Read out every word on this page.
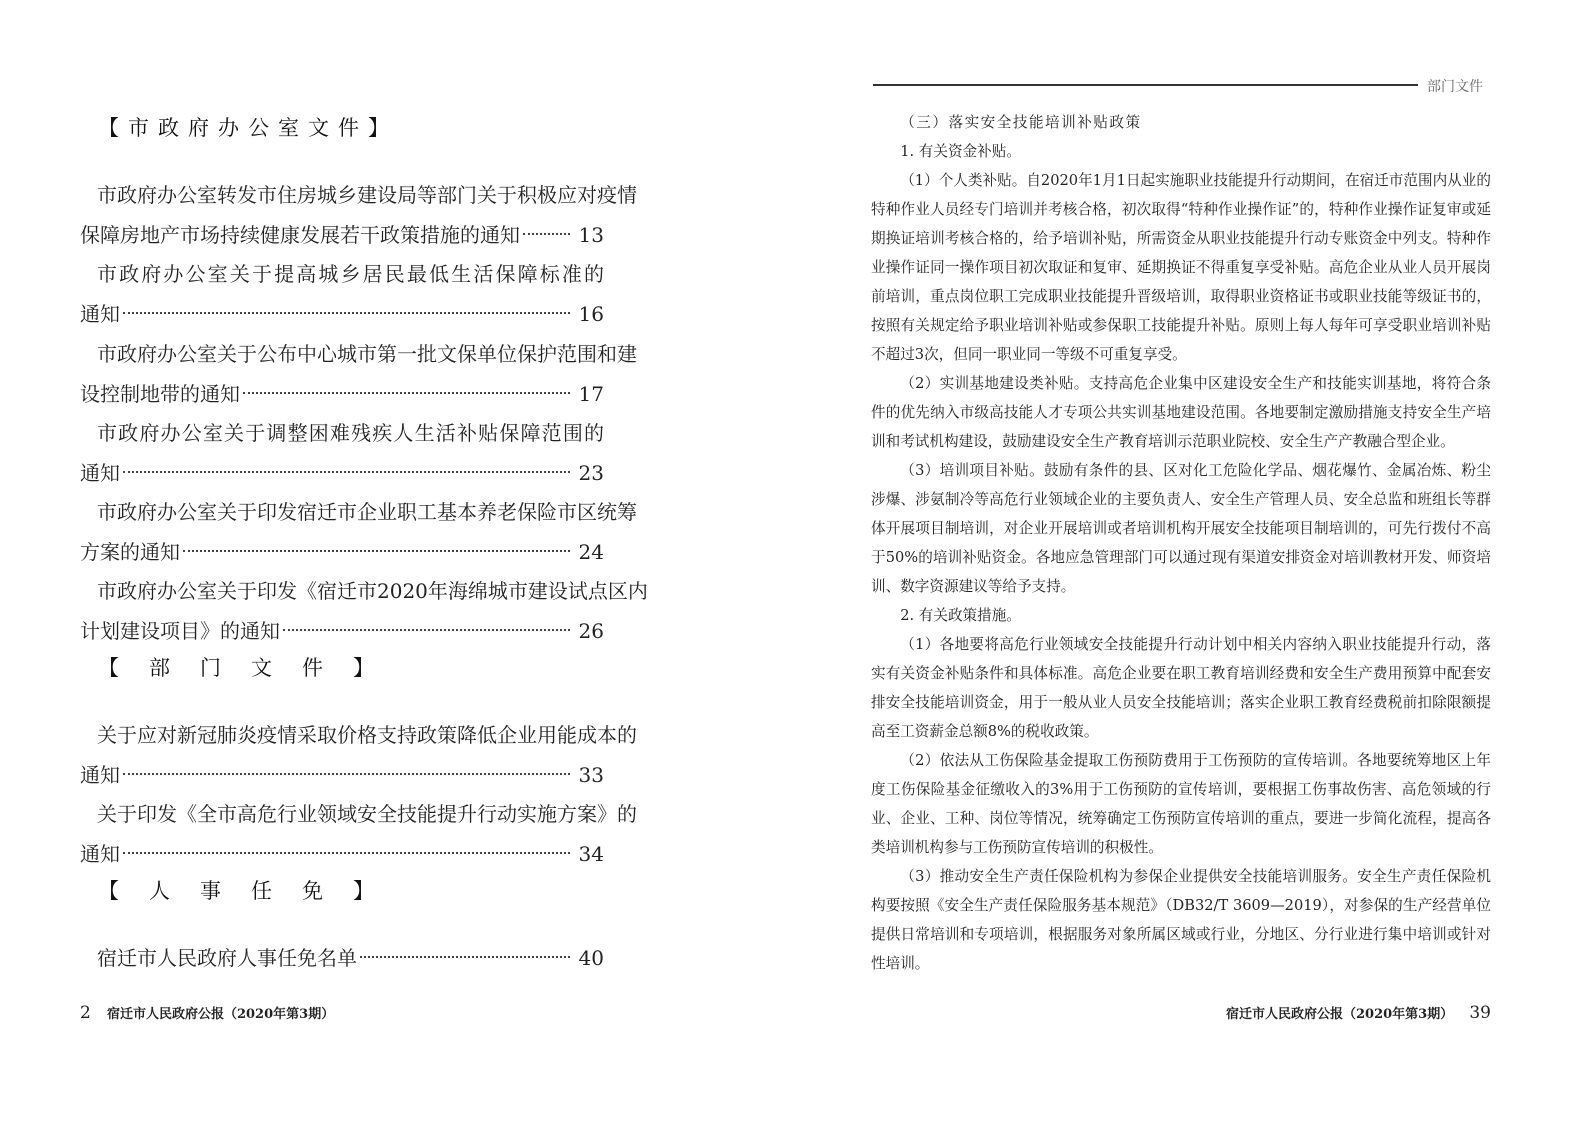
【市政府办公室文件】
市政府办公室转发市住房城乡建设局等部门关于积极应对疫情
保障房地产市场持续健康发展若干政策措施的通知	13
市政府办公室关于提高城乡居民最低生活保障标准的
通知	16
市政府办公室关于公布中心城市第一批文保单位保护范围和建
设控制地带的通知	17
市政府办公室关于调整困难残疾人生活补贴保障范围的
通知	23
市政府办公室关于印发宿迁市企业职工基本养老保险市区统筹
方案的通知	24
市政府办公室关于印发《宿迁市2020年海绵城市建设试点区内
计划建设项目》的通知	26
【部门文件】
关于应对新冠肺炎疫情采取价格支持政策降低企业用能成本的
通知	33
关于印发《全市高危行业领域安全技能提升行动实施方案》的
通知	34
【人事任免】
宿迁市人民政府人事任免名单	40
2 宿迁市人民政府公报（2020年第3期）
部门文件

（三）落实安全技能培训补贴政策

1. 有关资金补贴。

（1）个人类补贴。自2020年1月1日起实施职业技能提升行动期间，在宿迁市范围内从业的特种作业人员经专门培训并考核合格，初次取得“特种作业操作证”的，特种作业操作证复审或延期换证培训考核合格的，给予培训补贴，所需资金从职业技能提升行动专账资金中列支。特种作业操作证同一操作项目初次取证和复审、延期换证不得重复享受补贴。高危企业从业人员开展岗前培训，重点岗位职工完成职业技能提升晋级培训，取得职业资格证书或职业技能等级证书的，按照有关规定给予职业培训补贴或参保职工技能提升补贴。原则上每人每年可享受职业培训补贴不超过3次，但同一职业同一等级不可重复享受。

（2）实训基地建设类补贴。支持高危企业集中区建设安全生产和技能实训基地，将符合条件的优先纳入市级高技能人才专项公共实训基地建设范围。各地要制定激励措施支持安全生产培训和考试机构建设，鼓励建设安全生产教育培训示范职业院校、安全生产产教融合型企业。

（3）培训项目补贴。鼓励有条件的县、区对化工危险化学品、烟花爆竹、金属冶炼、粉尘涉爆、涉氨制冷等高危行业领域企业的主要负责人、安全生产管理人员、安全总监和班组长等群体开展项目制培训，对企业开展培训或者培训机构开展安全技能项目制培训的，可先行拨付不高于50%的培训补贴资金。各地应急管理部门可以通过现有渠道安排资金对培训教材开发、师资培训、数字资源建议等给予支持。

2. 有关政策措施。

（1）各地要将高危行业领域安全技能提升行动计划中相关内容纳入职业技能提升行动，落实有关资金补贴条件和具体标准。高危企业要在职工教育培训经费和安全生产费用预算中配套安排安全技能培训资金，用于一般从业人员安全技能培训；落实企业职工教育经费税前扣除限额提高至工资薪金总额8%的税收政策。

（2）依法从工伤保险基金提取工伤预防费用于工伤预防的宣传培训。各地要统筹地区上年度工伤保险基金征缴收入的3%用于工伤预防的宣传培训，要根据工伤事故伤害、高危领域的行业、企业、工种、岗位等情况，统筹确定工伤预防宣传培训的重点，要进一步简化流程，提高各类培训机构参与工伤预防宣传培训的积极性。

（3）推动安全生产责任保险机构为参保企业提供安全技能培训服务。安全生产责任保险机构要按照《安全生产责任保险服务基本规范》（DB32/T 3609—2019），对参保的生产经营单位提供日常培训和专项培训，根据服务对象所属区域或行业，分地区、分行业进行集中培训或针对性培训。

宿迁市人民政府公报（2020年第3期） 39
